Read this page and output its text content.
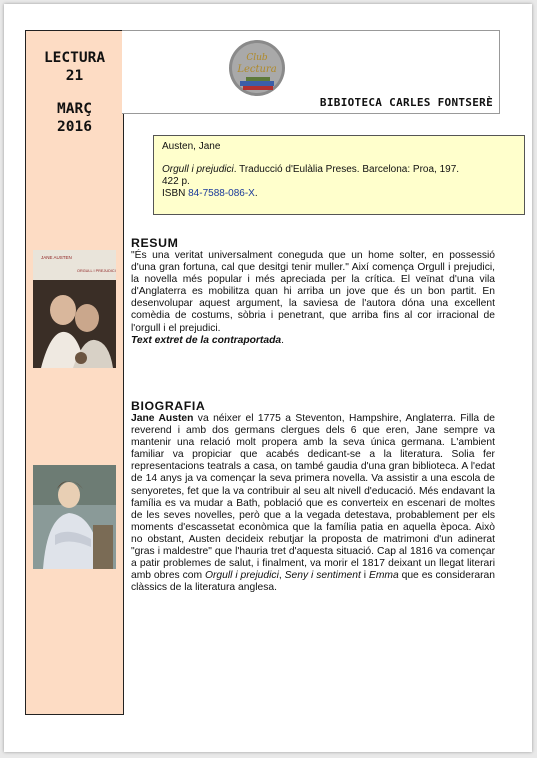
LECTURA
21
MARÇ
2016
Club
Lectura
BIBIOTECA CARLES FONTSERÈ

Austen, Jane

Orgull i prejudici. Traducció d'Eulàlia Preses. Barcelona: Proa, 197.

422 p.

ISBN 84-7588-086-X.

JANE AUSTEN
ORGULL I PREJUDICI
RESUM

"És una veritat universalment coneguda que un home solter, en possessió d'una gran fortuna, cal que desitgi tenir muller." Així comença Orgull i prejudici, la novella més popular i més apreciada per la crítica. El veïnat d'una vila d'Anglaterra es mobilitza quan hi arriba un jove que és un bon partit. En desenvolupar aquest argument, la saviesa de l'autora dóna una excellent comèdia de costums, sòbria i penetrant, que arriba fins al cor irracional de l'orgull i el prejudici.

Text extret de la contraportada.

BIOGRAFIA

Jane Austen va néixer el 1775 a Steventon, Hampshire, Anglaterra. Filla de reverend i amb dos germans clergues dels 6 que eren, Jane sempre va mantenir una relació molt propera amb la seva única germana. L'ambient familiar va propiciar que acabés dedicant-se a la literatura. Solia fer representacions teatrals a casa, on també gaudia d'una gran biblioteca. A l'edat de 14 anys ja va començar la seva primera novella. Va assistir a una escola de senyoretes, fet que la va contribuir al seu alt nivell d'educació. Més endavant la família es va mudar a Bath, població que es converteix en escenari de moltes de les seves novelles, però que a la vegada detestava, probablement per els moments d'escassetat econòmica que la família patia en aquella època. Això no obstant, Austen decideix rebutjar la proposta de matrimoni d'un adinerat "gras i maldestre" que l'hauria tret d'aquesta situació. Cap al 1816 va començar a patir problemes de salut, i finalment, va morir el 1817 deixant un llegat literari amb obres com Orgull i prejudici, Seny i sentiment i Emma que es consideraran clàssics de la literatura anglesa.
